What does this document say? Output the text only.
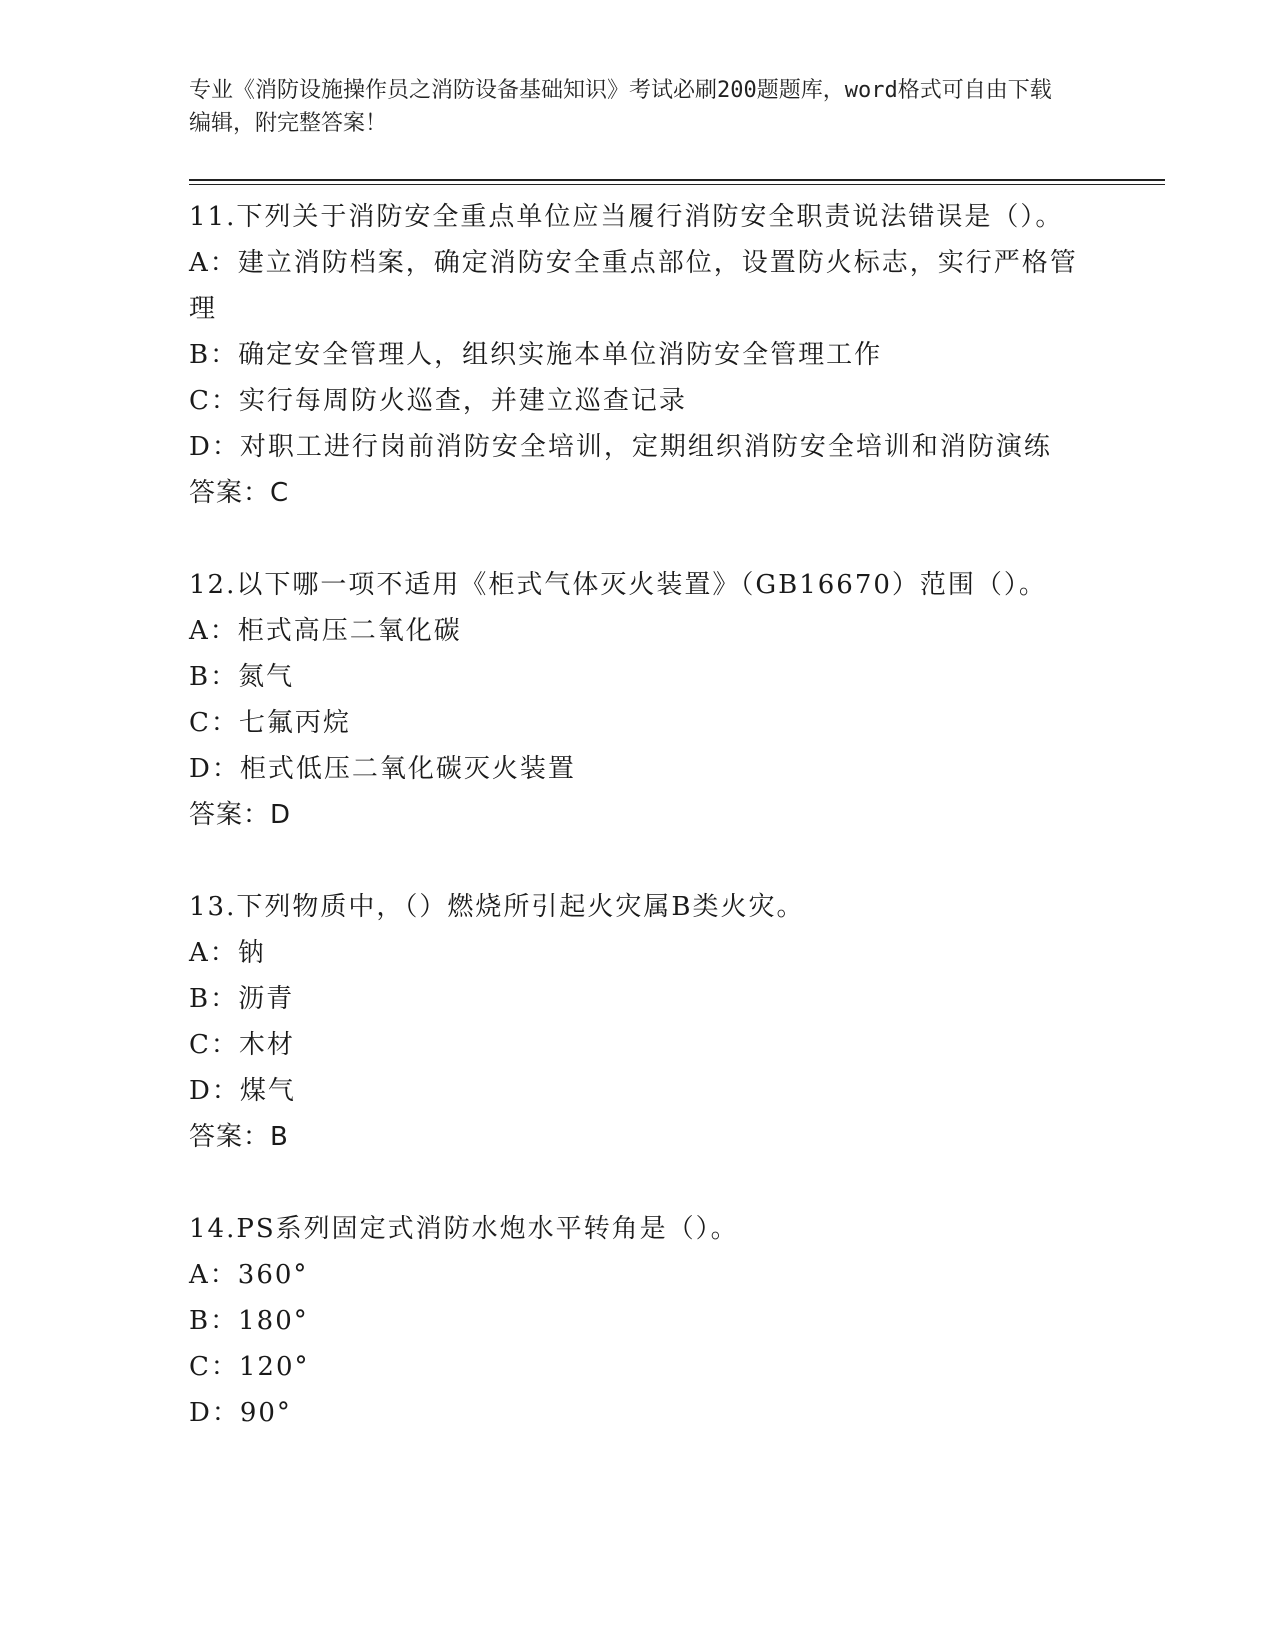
专业《消防设施操作员之消防设备基础知识》考试必刷200题题库，word格式可自由下载编辑，附完整答案！
11.下列关于消防安全重点单位应当履行消防安全职责说法错误是（）。
A：建立消防档案，确定消防安全重点部位，设置防火标志，实行严格管理
B：确定安全管理人，组织实施本单位消防安全管理工作
C：实行每周防火巡查，并建立巡查记录
D：对职工进行岗前消防安全培训，定期组织消防安全培训和消防演练
答案：C
12.以下哪一项不适用《柜式气体灭火装置》（GB16670）范围（）。
A：柜式高压二氧化碳
B：氮气
C：七氟丙烷
D：柜式低压二氧化碳灭火装置
答案：D
13.下列物质中，（）燃烧所引起火灾属B类火灾。
A：钠
B：沥青
C：木材
D：煤气
答案：B
14.PS系列固定式消防水炮水平转角是（）。
A：360°
B：180°
C：120°
D：90°
